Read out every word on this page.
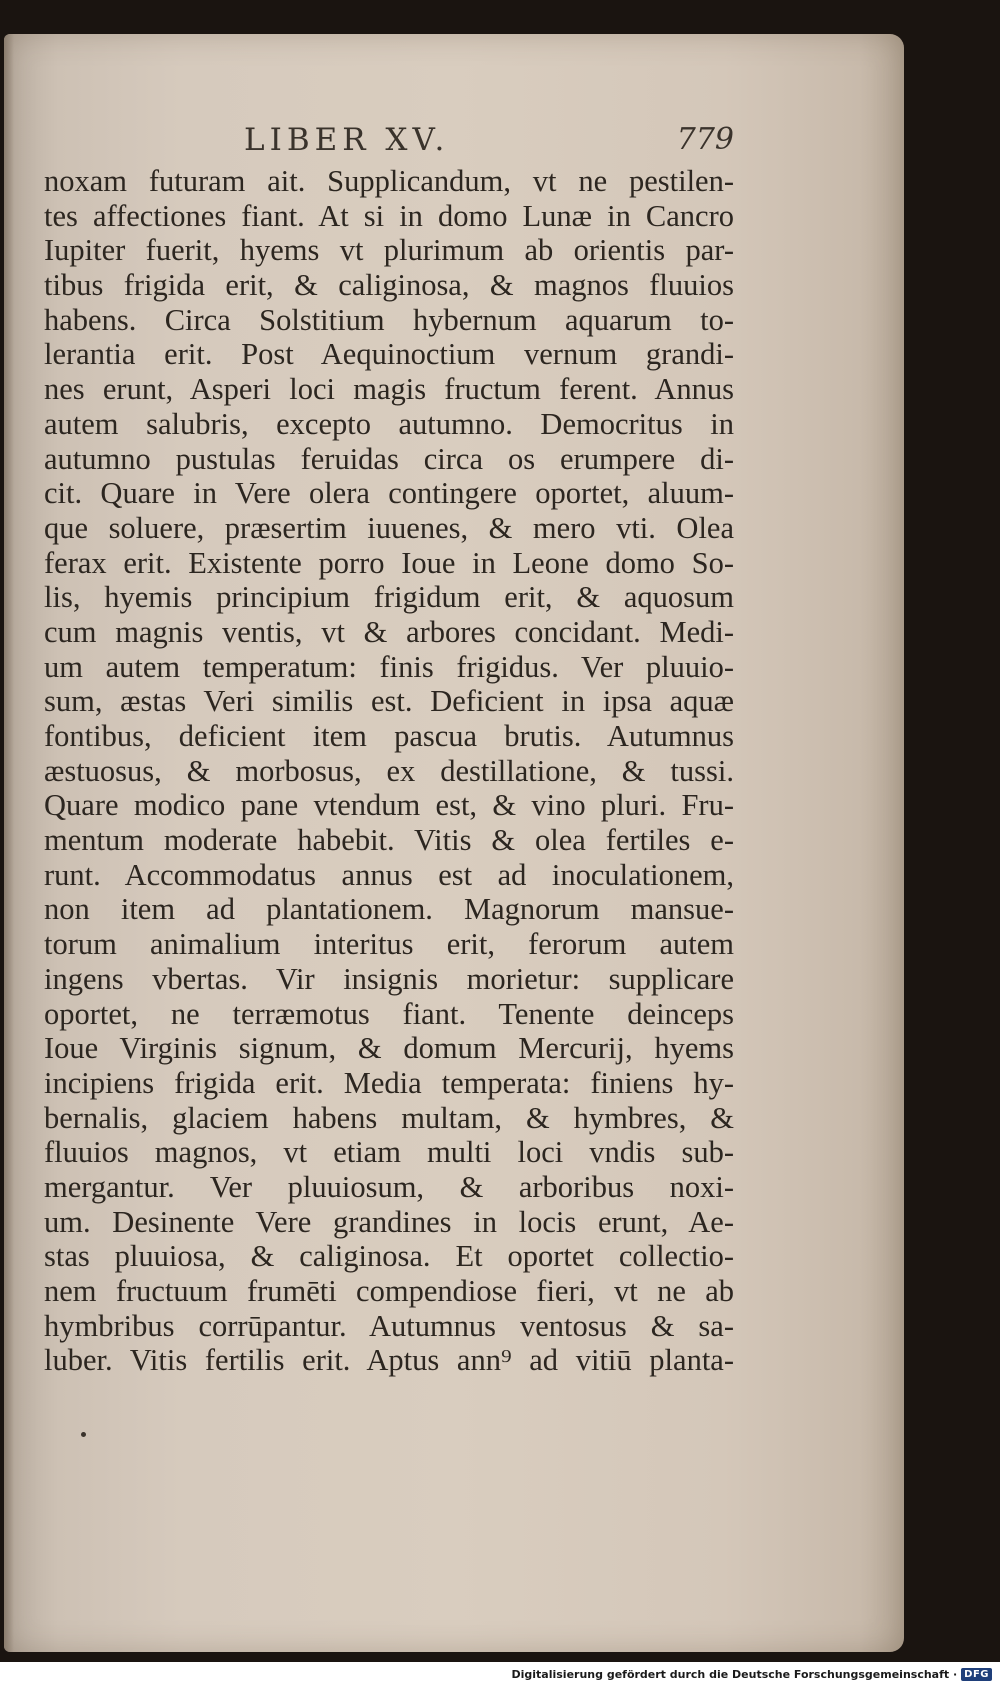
LIBER XV.	779
noxam futuram ait. Supplicandum, vt ne pestilen-
tes affectiones fiant. At si in domo Lunæ in Cancro
Iupiter fuerit, hyems vt plurimum ab orientis par-
tibus frigida erit, & caliginosa, & magnos fluuios
habens. Circa Solstitium hybernum aquarum to-
lerantia erit. Post Aequinoctium vernum grandi-
nes erunt, Asperi loci magis fructum ferent. Annus
autem salubris, excepto autumno. Democritus in
autumno pustulas feruidas circa os erumpere di-
cit. Quare in Vere olera contingere oportet, aluum-
que soluere, præsertim iuuenes, & mero vti. Olea
ferax erit. Existente porro Ioue in Leone domo So-
lis, hyemis principium frigidum erit, & aquosum
cum magnis ventis, vt & arbores concidant. Medi-
um autem temperatum: finis frigidus. Ver pluuio-
sum, æstas Veri similis est. Deficient in ipsa aquæ
fontibus, deficient item pascua brutis. Autumnus
æstuosus, & morbosus, ex destillatione, & tussi.
Quare modico pane vtendum est, & vino pluri. Fru-
mentum moderate habebit. Vitis & olea fertiles e-
runt. Accommodatus annus est ad inoculationem,
non item ad plantationem. Magnorum mansue-
torum animalium interitus erit, ferorum autem
ingens vbertas. Vir insignis morietur: supplicare
oportet, ne terræmotus fiant. Tenente deinceps
Ioue Virginis signum, & domum Mercurij, hyems
incipiens frigida erit. Media temperata: finiens hy-
bernalis, glaciem habens multam, & hymbres, &
fluuios magnos, vt etiam multi loci vndis sub-
mergantur. Ver pluuiosum, & arboribus noxi-
um. Desinente Vere grandines in locis erunt, Ae-
stas pluuiosa, & caliginosa. Et oportet collectio-
nem fructuum frumēti compendiose fieri, vt ne ab
hymbribus corrūpantur. Autumnus ventosus & sa-
luber. Vitis fertilis erit. Aptus ann⁹ ad vitiū planta-
Digitalisierung gefördert durch die Deutsche Forschungsgemeinschaft · DFG
